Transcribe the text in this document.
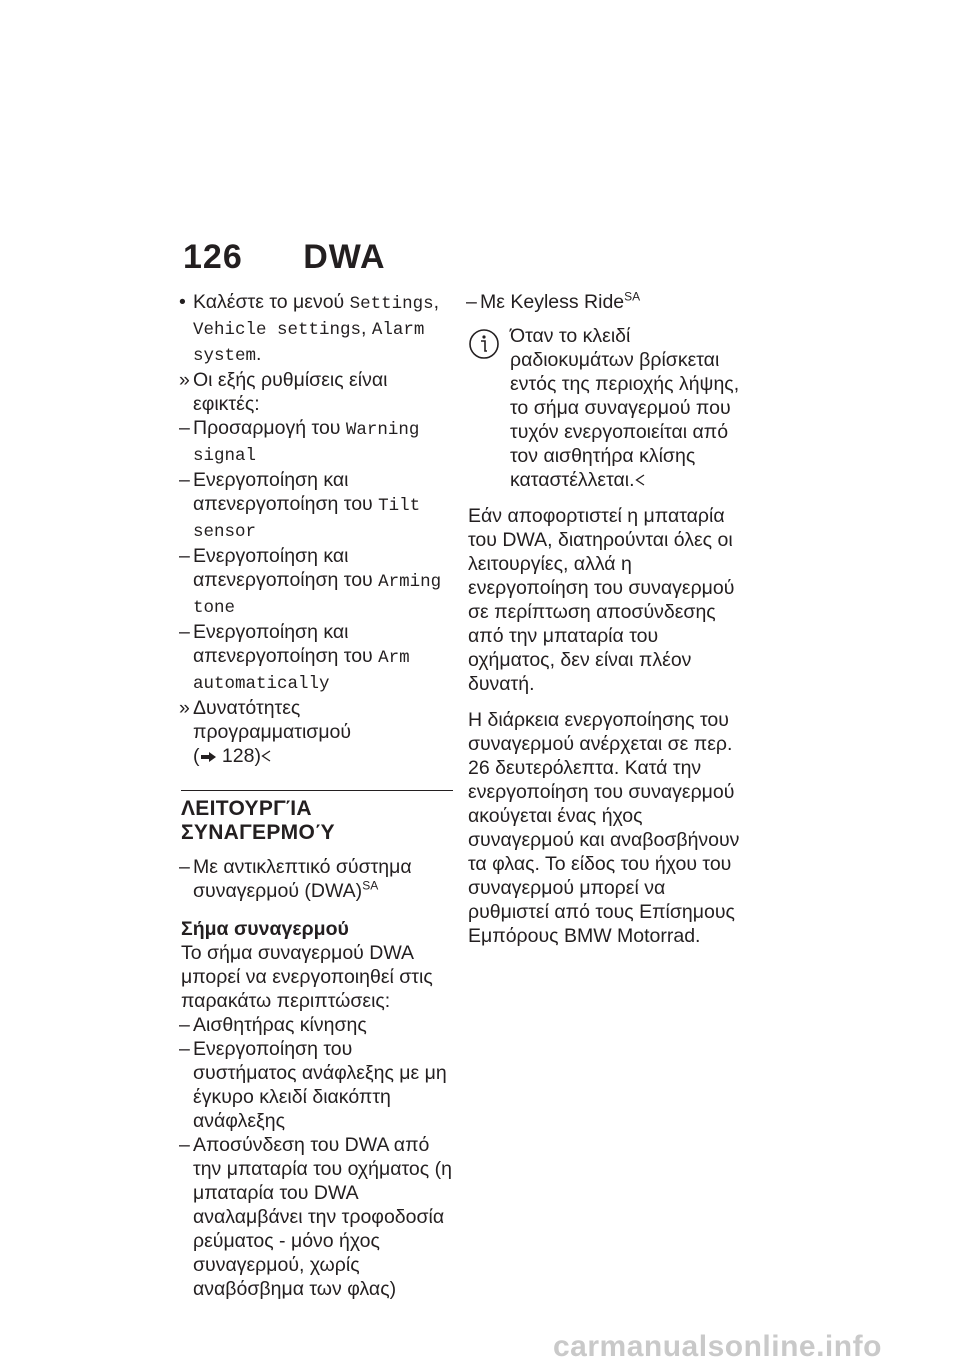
126 DWA
• Καλέστε το μενού Settings, Vehicle settings, Alarm system.
» Οι εξής ρυθμίσεις είναι εφικτές:
– Προσαρμογή του Warning signal
– Ενεργοποίηση και απενεργοποίηση του Tilt sensor
– Ενεργοποίηση και απενεργοποίηση του Arming tone
– Ενεργοποίηση και απενεργοποίηση του Arm automatically
» Δυνατότητες προγραμματισμού
( 128)
ΛΕΙΤΟΥΡΓΊΑ ΣΥΝΑΓΕΡΜΟΎ
– Με αντικλεπτικό σύστημα συναγερμού (DWA)$^{SA}$
Σήμα συναγερμού
Το σήμα συναγερμού DWA μπορεί να ενεργοποιηθεί στις παρακάτω περιπτώσεις:
– Αισθητήρας κίνησης
– Ενεργοποίηση του συστήματος ανάφλεξης με μη έγκυρο κλειδί διακόπτη ανάφλεξης
– Αποσύνδεση του DWA από την μπαταρία του οχήματος (η μπαταρία του DWA αναλαμβάνει την τροφοδοσία ρεύματος - μόνο ήχος συναγερμού, χωρίς αναβόσβημα των φλας)
– Με Keyless Ride$^{SA}$
Όταν το κλειδί ραδιοκυμάτων βρίσκεται εντός της περιοχής λήψης, το σήμα συναγερμού που τυχόν ενεργοποιείται από τον αισθητήρα κλίσης καταστέλλεται.
Εάν αποφορτιστεί η μπαταρία του DWA, διατηρούνται όλες οι λειτουργίες, αλλά η ενεργοποίηση του συναγερμού σε περίπτωση αποσύνδεσης από την μπαταρία του οχήματος, δεν είναι πλέον δυνατή.
Η διάρκεια ενεργοποίησης του συναγερμού ανέρχεται σε περ. 26 δευτερόλεπτα. Κατά την ενεργοποίηση του συναγερμού ακούγεται ένας ήχος συναγερμού και αναβοσβήνουν τα φλας. Το είδος του ήχου του συναγερμού μπορεί να ρυθμιστεί από τους Επίσημους Εμπόρους BMW Motorrad.
carmanualsonline.info
